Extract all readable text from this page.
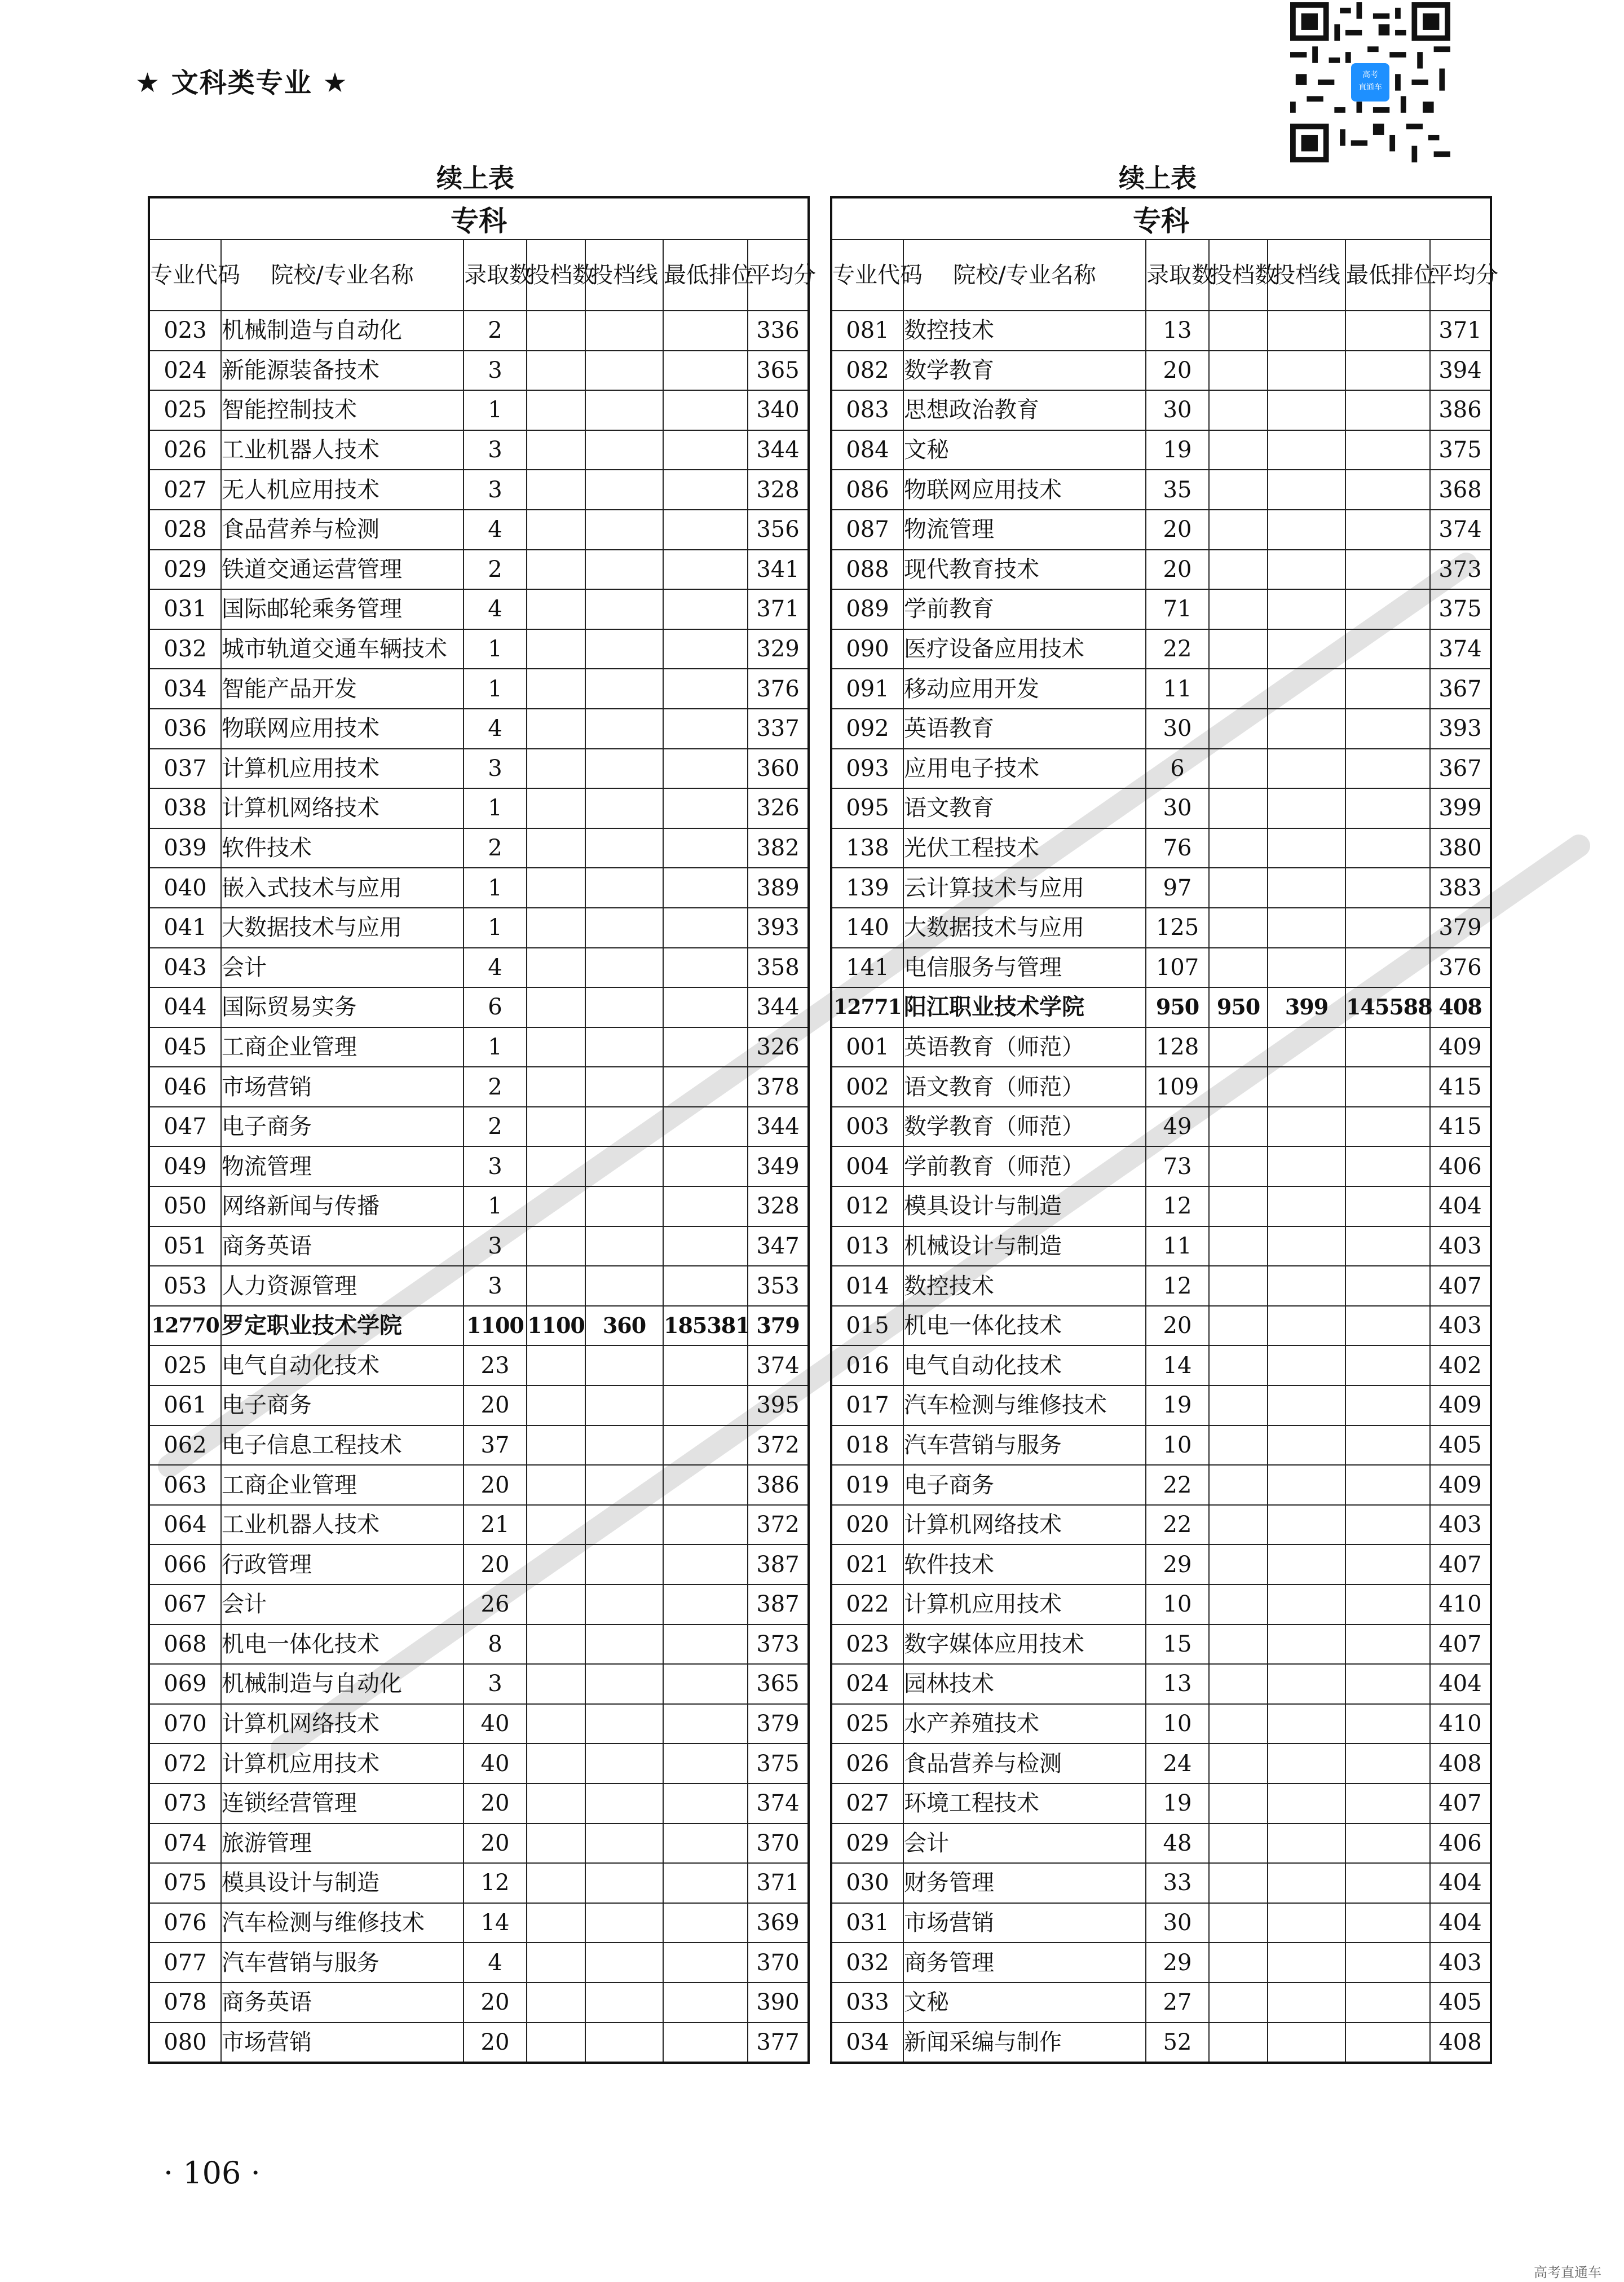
★ 文科类专业 ★	高考
直通车
续上表	续上表
专科						
专业代码	院校/专业名称	录取数	投档数	投档线	最低排位	平均分
023	机械制造与自动化	2				336
024	新能源装备技术	3				365
025	智能控制技术	1				340
026	工业机器人技术	3				344
027	无人机应用技术	3				328
028	食品营养与检测	4				356
029	铁道交通运营管理	2				341
031	国际邮轮乘务管理	4				371
032	城市轨道交通车辆技术	1				329
034	智能产品开发	1				376
036	物联网应用技术	4				337
037	计算机应用技术	3				360
038	计算机网络技术	1				326
039	软件技术	2				382
040	嵌入式技术与应用	1				389
041	大数据技术与应用	1				393
043	会计	4				358
044	国际贸易实务	6				344
045	工商企业管理	1				326
046	市场营销	2				378
047	电子商务	2				344
049	物流管理	3				349
050	网络新闻与传播	1				328
051	商务英语	3				347
053	人力资源管理	3				353
12770	罗定职业技术学院	1100	1100	360	185381	379
025	电气自动化技术	23				374
061	电子商务	20				395
062	电子信息工程技术	37				372
063	工商企业管理	20				386
064	工业机器人技术	21				372
066	行政管理	20				387
067	会计	26				387
068	机电一体化技术	8				373
069	机械制造与自动化	3				365
070	计算机网络技术	40				379
072	计算机应用技术	40				375
073	连锁经营管理	20				374
074	旅游管理	20				370
075	模具设计与制造	12				371
076	汽车检测与维修技术	14				369
077	汽车营销与服务	4				370
078	商务英语	20				390
080	市场营销	20				377
专科						
专业代码	院校/专业名称	录取数	投档数	投档线	最低排位	平均分
081	数控技术	13				371
082	数学教育	20				394
083	思想政治教育	30				386
084	文秘	19				375
086	物联网应用技术	35				368
087	物流管理	20				374
088	现代教育技术	20				373
089	学前教育	71				375
090	医疗设备应用技术	22				374
091	移动应用开发	11				367
092	英语教育	30				393
093	应用电子技术	6				367
095	语文教育	30				399
138	光伏工程技术	76				380
139	云计算技术与应用	97				383
140	大数据技术与应用	125				379
141	电信服务与管理	107				376
12771	阳江职业技术学院	950	950	399	145588	408
001	英语教育（师范）	128				409
002	语文教育（师范）	109				415
003	数学教育（师范）	49				415
004	学前教育（师范）	73				406
012	模具设计与制造	12				404
013	机械设计与制造	11				403
014	数控技术	12				407
015	机电一体化技术	20				403
016	电气自动化技术	14				402
017	汽车检测与维修技术	19				409
018	汽车营销与服务	10				405
019	电子商务	22				409
020	计算机网络技术	22				403
021	软件技术	29				407
022	计算机应用技术	10				410
023	数字媒体应用技术	15				407
024	园林技术	13				404
025	水产养殖技术	10				410
026	食品营养与检测	24				408
027	环境工程技术	19				407
029	会计	48				406
030	财务管理	33				404
031	市场营销	30				404
032	商务管理	29				403
033	文秘	27				405
034	新闻采编与制作	52				408
· 106 ·
高考直通车
